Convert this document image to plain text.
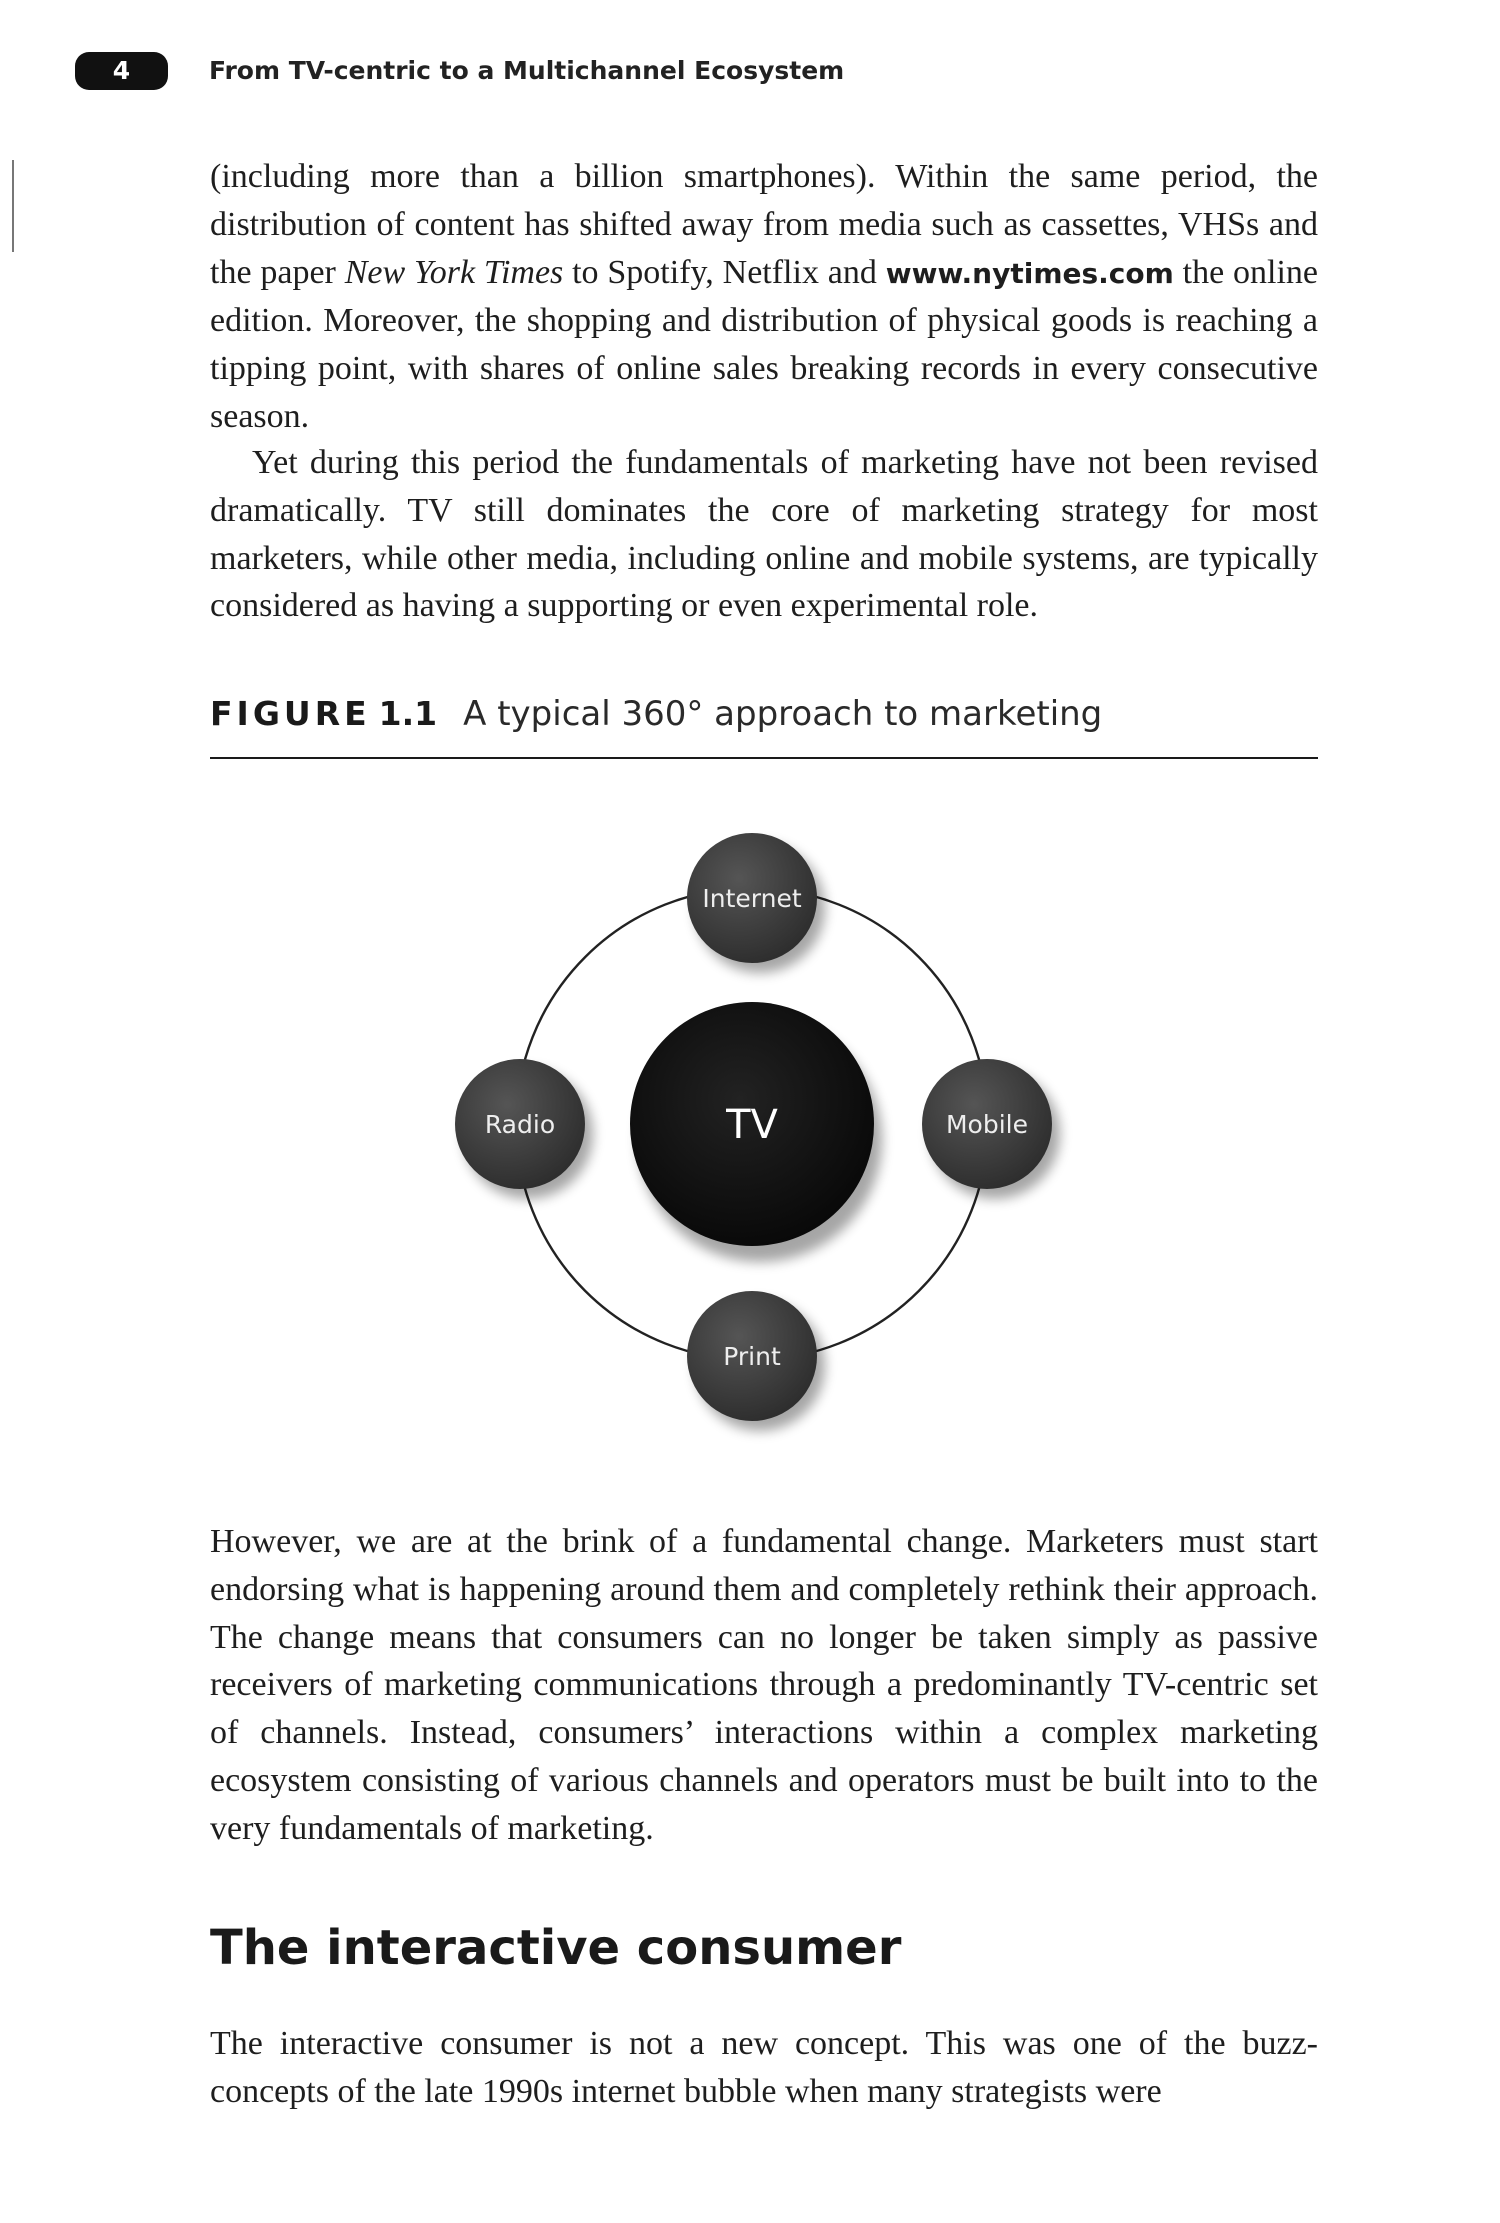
4	From TV-centric to a Multichannel Ecosystem

(including more than a billion smartphones). Within the same period, the distribution of content has shifted away from media such as cassettes, VHSs and the paper New York Times to Spotify, Netflix and www.nytimes.com the online edition. Moreover, the shopping and distribution of physical goods is reaching a tipping point, with shares of online sales breaking records in every consecutive season.

Yet during this period the fundamentals of marketing have not been revised dramatically. TV still dominates the core of marketing strategy for most marketers, while other media, including online and mobile systems, are typically considered as having a supporting or even experimental role.

FIGURE 1.1 A typical 360° approach to marketing
TV
Internet
Radio	Mobile
Print

However, we are at the brink of a fundamental change. Marketers must start endorsing what is happening around them and completely rethink their approach. The change means that consumers can no longer be taken simply as passive receivers of marketing communications through a predominantly TV-centric set of channels. Instead, consumers’ interactions within a complex marketing ecosystem consisting of various channels and operators must be built into to the very fundamentals of marketing.

The interactive consumer

The interactive consumer is not a new concept. This was one of the buzz-concepts of the late 1990s internet bubble when many strategists were
